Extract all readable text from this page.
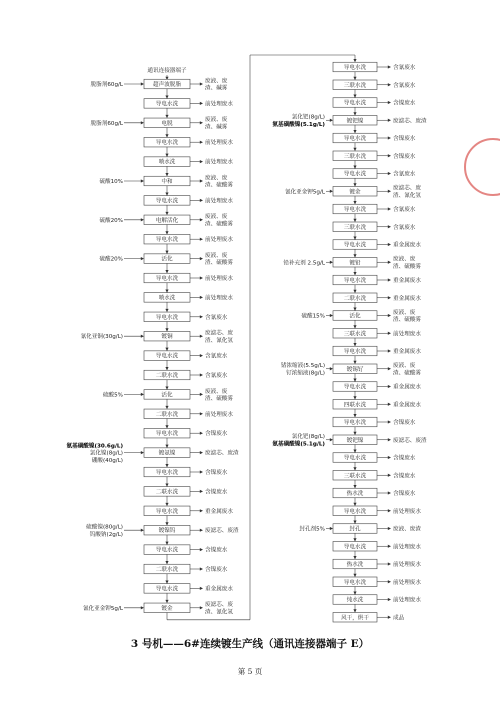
通讯连接器端子
超声波脱脂
废液、废
渣、碱雾
脱脂剂60g/L
导电水洗	前处理废水
电脱
废液、废
渣、碱雾
脱脂剂60g/L
导电水洗	前处理废水
喷水洗	前处理废水
中和
废液、废
渣、硫酸雾
硫酸10%
导电水洗	前处理废水
电解活化
废液、废
渣、硫酸雾
硫酸20%
导电水洗	前处理废水
活化
废液、废
渣、硫酸雾
硫酸20%
导电水洗	前处理废水
喷水洗	前处理废水
导电水洗	含氰废水
镀铜
废滤芯、废
渣、氰化氢
氰化亚铜(30g/L)
导电水洗	含氰废水
二联水洗	含氰废水
活化
废液、废
渣、硫酸雾
硫酸5%
二联水洗	前处理废水
导电水洗	含镍废水
镀氨镍	废滤芯、废渣
氨基磺酸镍(30.6g/L)
氯化镍(8g/L)
硼酸(40g/L)
导电水洗	含镍废水
二联水洗	含镍废水
导电水洗	重金属废水
镀镍钨	废滤芯、废渣
硫酸镍(80g/L)
钨酸钠(2g/L)
导电水洗	含镍废水
二联水洗	含镍废水
导电水洗	重金属废水
镀金
废滤芯、废
渣、氰化氢
氰化亚金钾5g/L
导电水洗	含氰废水
三联水洗	含氰废水
导电水洗	含镍废水
镀钯镍	废滤芯、废渣
氯化钯(8g/L)
氨基磺酸镍(5.1g/L)
导电水洗	含镍废水
三联水洗	含镍废水
导电水洗	含氰废水
镀金
废滤芯、废
渣、氰化氢
氰化亚金钾5g/L
导电水洗	含氰废水
三联水洗	含氰废水
导电水洗	重金属废水
镀铅
废液、废
渣、硫酸雾
铅补充剂 2.5g/L
导电水洗	重金属废水
二联水洗	重金属废水
活化
废液、废
渣、硫酸雾
硫酸15%
三联水洗	前处理废水
导电水洗	重金属废水
镀锡钌
废液、废
渣、硫酸雾
锗浓缩液(5.5g/L)
钌浓缩液(8g/L)
导电水洗	重金属废水
四联水洗	重金属废水
导电水洗	含镍废水
镀钯镍	废滤芯、废渣
氯化钯(8g/L)
氨基磺酸镍(5.1g/L)
导电水洗	含镍废水
三联水洗	含镍废水
热水洗	含镍废水
导电水洗	前处理废水
封孔	废液、废渣
封孔剂5%
导电水洗	前处理废水
热水洗	前处理废水
导电水洗	前处理废水
纯水洗	前处理废水
风干，烘干	成品
3 号机——6#连续镀生产线（通讯连接器端子 E）
第 5 页
